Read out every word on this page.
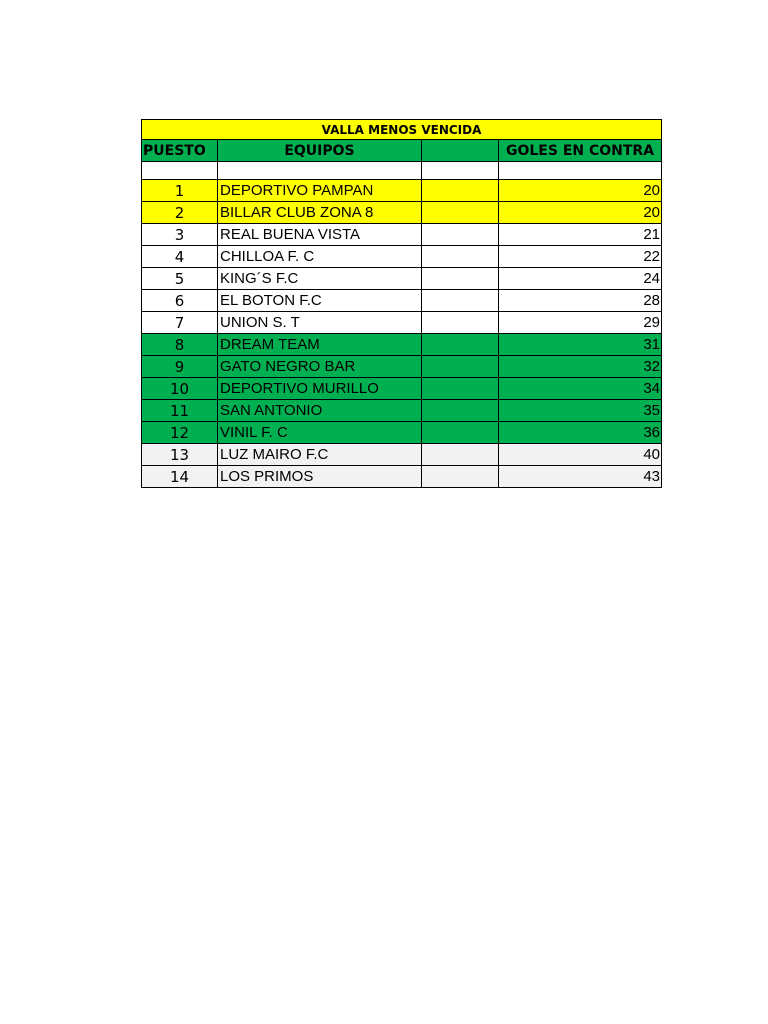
VALLA MENOS VENCIDA			
PUESTO	EQUIPOS		GOLES EN CONTRA

1	DEPORTIVO PAMPAN		20
2	BILLAR CLUB ZONA 8		20
3	REAL BUENA VISTA		21
4	CHILLOA F. C		22
5	KING´S F.C		24
6	EL BOTON F.C		28
7	UNION S. T		29
8	DREAM TEAM		31
9	GATO NEGRO BAR		32
10	DEPORTIVO MURILLO		34
11	SAN ANTONIO		35
12	VINIL F. C		36
13	LUZ MAIRO F.C		40
14	LOS PRIMOS		43
